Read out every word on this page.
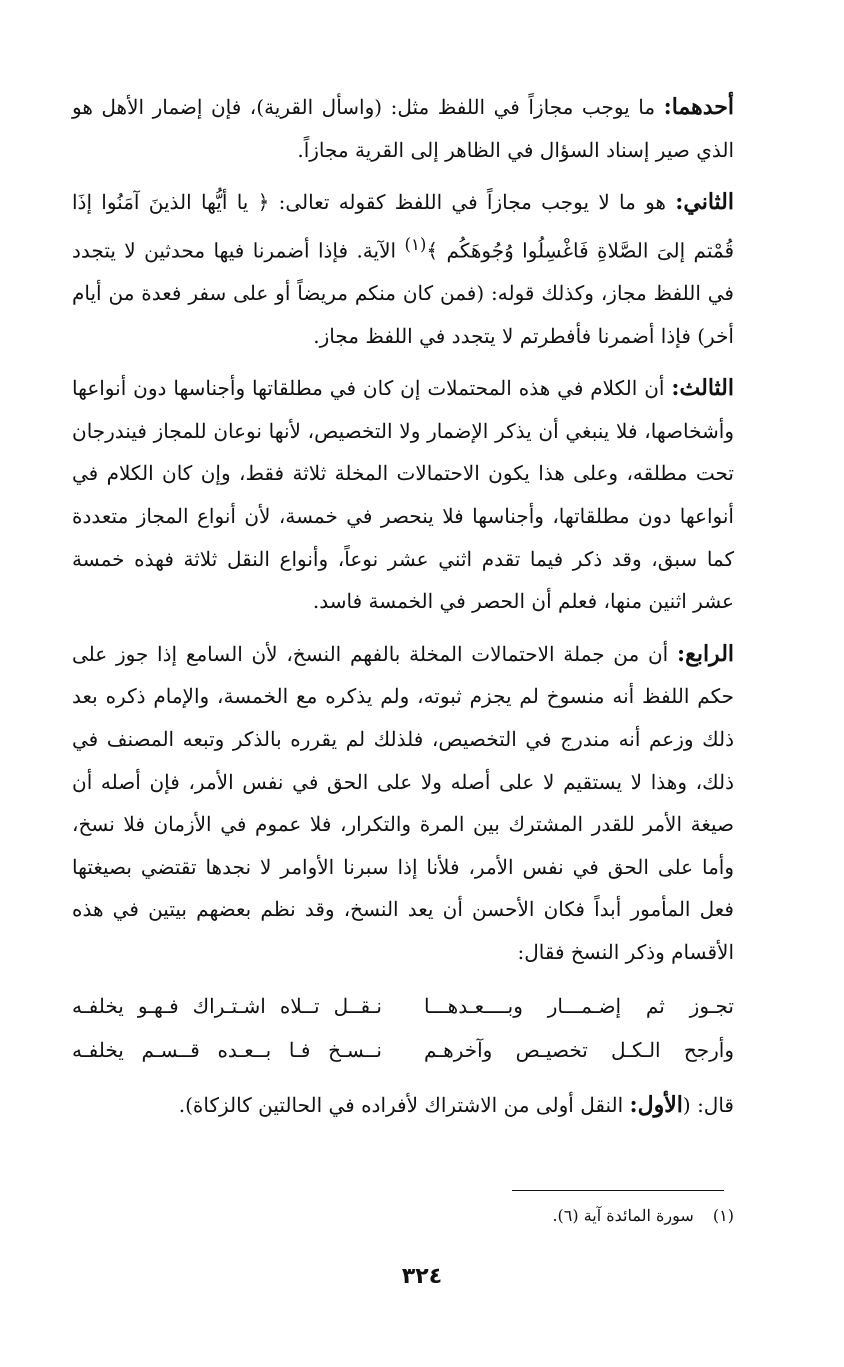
أحدهما: ما يوجب مجازاً في اللفظ مثل: (واسأل القرية)، فإن إضمار الأهل هو الذي صير إسناد السؤال في الظاهر إلى القرية مجازاً.

الثاني: هو ما لا يوجب مجازاً في اللفظ كقوله تعالى: ﴿ يا أيُّها الذينَ آمَنُوا إذَا قُمْتم إلىَ الصَّلاةِ فَاغْسِلُوا وُجُوهَكُم ﴾$^{(١)}$ الآية. فإذا أضمرنا فيها محدثين لا يتجدد في اللفظ مجاز، وكذلك قوله: (فمن كان منكم مريضاً أو على سفر فعدة من أيام أخر) فإذا أضمرنا فأفطرتم لا يتجدد في اللفظ مجاز.

الثالث: أن الكلام في هذه المحتملات إن كان في مطلقاتها وأجناسها دون أنواعها وأشخاصها، فلا ينبغي أن يذكر الإضمار ولا التخصيص، لأنها نوعان للمجاز فيندرجان تحت مطلقه، وعلى هذا يكون الاحتمالات المخلة ثلاثة فقط، وإن كان الكلام في أنواعها دون مطلقاتها، وأجناسها فلا ينحصر في خمسة، لأن أنواع المجاز متعددة كما سبق، وقد ذكر فيما تقدم اثني عشر نوعاً، وأنواع النقل ثلاثة فهذه خمسة عشر اثنين منها، فعلم أن الحصر في الخمسة فاسد.

الرابع: أن من جملة الاحتمالات المخلة بالفهم النسخ، لأن السامع إذا جوز على حكم اللفظ أنه منسوخ لم يجزم ثبوته، ولم يذكره مع الخمسة، والإمام ذكره بعد ذلك وزعم أنه مندرج في التخصيص، فلذلك لم يقرره بالذكر وتبعه المصنف في ذلك، وهذا لا يستقيم لا على أصله ولا على الحق في نفس الأمر، فإن أصله أن صيغة الأمر للقدر المشترك بين المرة والتكرار، فلا عموم في الأزمان فلا نسخ، وأما على الحق في نفس الأمر، فلأنا إذا سبرنا الأوامر لا نجدها تقتضي بصيغتها فعل المأمور أبداً فكان الأحسن أن يعد النسخ، وقد نظم بعضهم بيتين في هذه الأقسام وذكر النسخ فقال:

تجـوز ثم إضـمـــار وبــــعـدهـــا
نـقــل تــلاه اشـتـراك فـهـو يخلفـه
وأرجح الـكـل تخصيـص وآخرهـم
نــسـخ فـا بــعـده قــسـم يخلفـه

قال: (الأول: النقل أولى من الاشتراك لأفراده في الحالتين كالزكاة).

(١) سورة المائدة آية (٦).
٣٢٤
